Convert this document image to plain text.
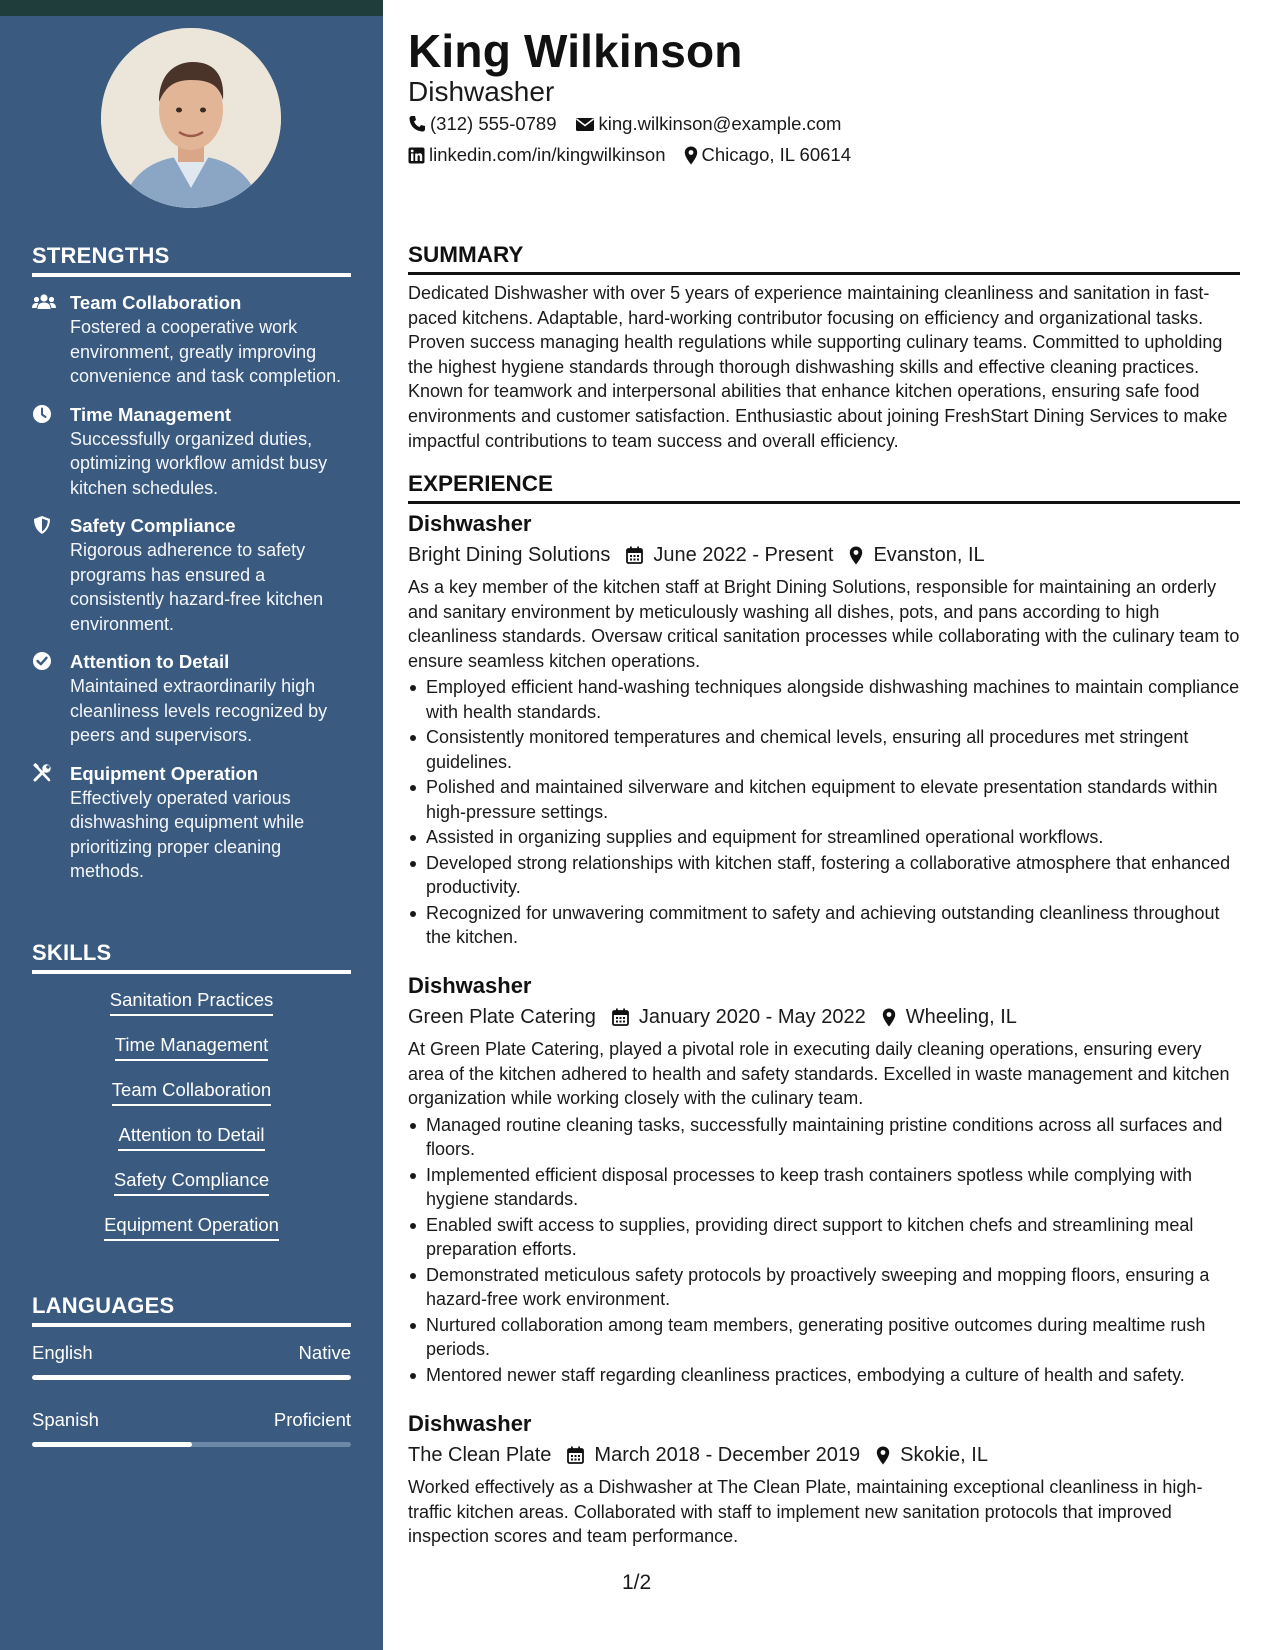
STRENGTHS
Team Collaboration
Fostered a cooperative work environment, greatly improving convenience and task completion.
Time Management
Successfully organized duties, optimizing workflow amidst busy kitchen schedules.
Safety Compliance
Rigorous adherence to safety programs has ensured a consistently hazard-free kitchen environment.
Attention to Detail
Maintained extraordinarily high cleanliness levels recognized by peers and supervisors.
Equipment Operation
Effectively operated various dishwashing equipment while prioritizing proper cleaning methods.
SKILLS
Sanitation Practices
Time Management
Team Collaboration
Attention to Detail
Safety Compliance
Equipment Operation
LANGUAGES
English	Native
Spanish	Proficient
King Wilkinson
Dishwasher
(312) 555-0789 king.wilkinson@example.com
linkedin.com/in/kingwilkinson Chicago, IL 60614
SUMMARY

Dedicated Dishwasher with over 5 years of experience maintaining cleanliness and sanitation in fast-paced kitchens. Adaptable, hard-working contributor focusing on efficiency and organizational tasks. Proven success managing health regulations while supporting culinary teams. Committed to upholding the highest hygiene standards through thorough dishwashing skills and effective cleaning practices. Known for teamwork and interpersonal abilities that enhance kitchen operations, ensuring safe food environments and customer satisfaction. Enthusiastic about joining FreshStart Dining Services to make impactful contributions to team success and overall efficiency.

EXPERIENCE
Dishwasher
Bright Dining Solutions June 2022 - Present Evanston, IL

As a key member of the kitchen staff at Bright Dining Solutions, responsible for maintaining an orderly and sanitary environment by meticulously washing all dishes, pots, and pans according to high cleanliness standards. Oversaw critical sanitation processes while collaborating with the culinary team to ensure seamless kitchen operations.

Employed efficient hand-washing techniques alongside dishwashing machines to maintain compliance with health standards.
Consistently monitored temperatures and chemical levels, ensuring all procedures met stringent guidelines.
Polished and maintained silverware and kitchen equipment to elevate presentation standards within high-pressure settings.
Assisted in organizing supplies and equipment for streamlined operational workflows.
Developed strong relationships with kitchen staff, fostering a collaborative atmosphere that enhanced productivity.
Recognized for unwavering commitment to safety and achieving outstanding cleanliness throughout the kitchen.
Dishwasher
Green Plate Catering January 2020 - May 2022 Wheeling, IL

At Green Plate Catering, played a pivotal role in executing daily cleaning operations, ensuring every area of the kitchen adhered to health and safety standards. Excelled in waste management and kitchen organization while working closely with the culinary team.

Managed routine cleaning tasks, successfully maintaining pristine conditions across all surfaces and floors.
Implemented efficient disposal processes to keep trash containers spotless while complying with hygiene standards.
Enabled swift access to supplies, providing direct support to kitchen chefs and streamlining meal preparation efforts.
Demonstrated meticulous safety protocols by proactively sweeping and mopping floors, ensuring a hazard-free work environment.
Nurtured collaboration among team members, generating positive outcomes during mealtime rush periods.
Mentored newer staff regarding cleanliness practices, embodying a culture of health and safety.
Dishwasher
The Clean Plate March 2018 - December 2019 Skokie, IL

Worked effectively as a Dishwasher at The Clean Plate, maintaining exceptional cleanliness in high-traffic kitchen areas. Collaborated with staff to implement new sanitation protocols that improved inspection scores and team performance.

1/2
